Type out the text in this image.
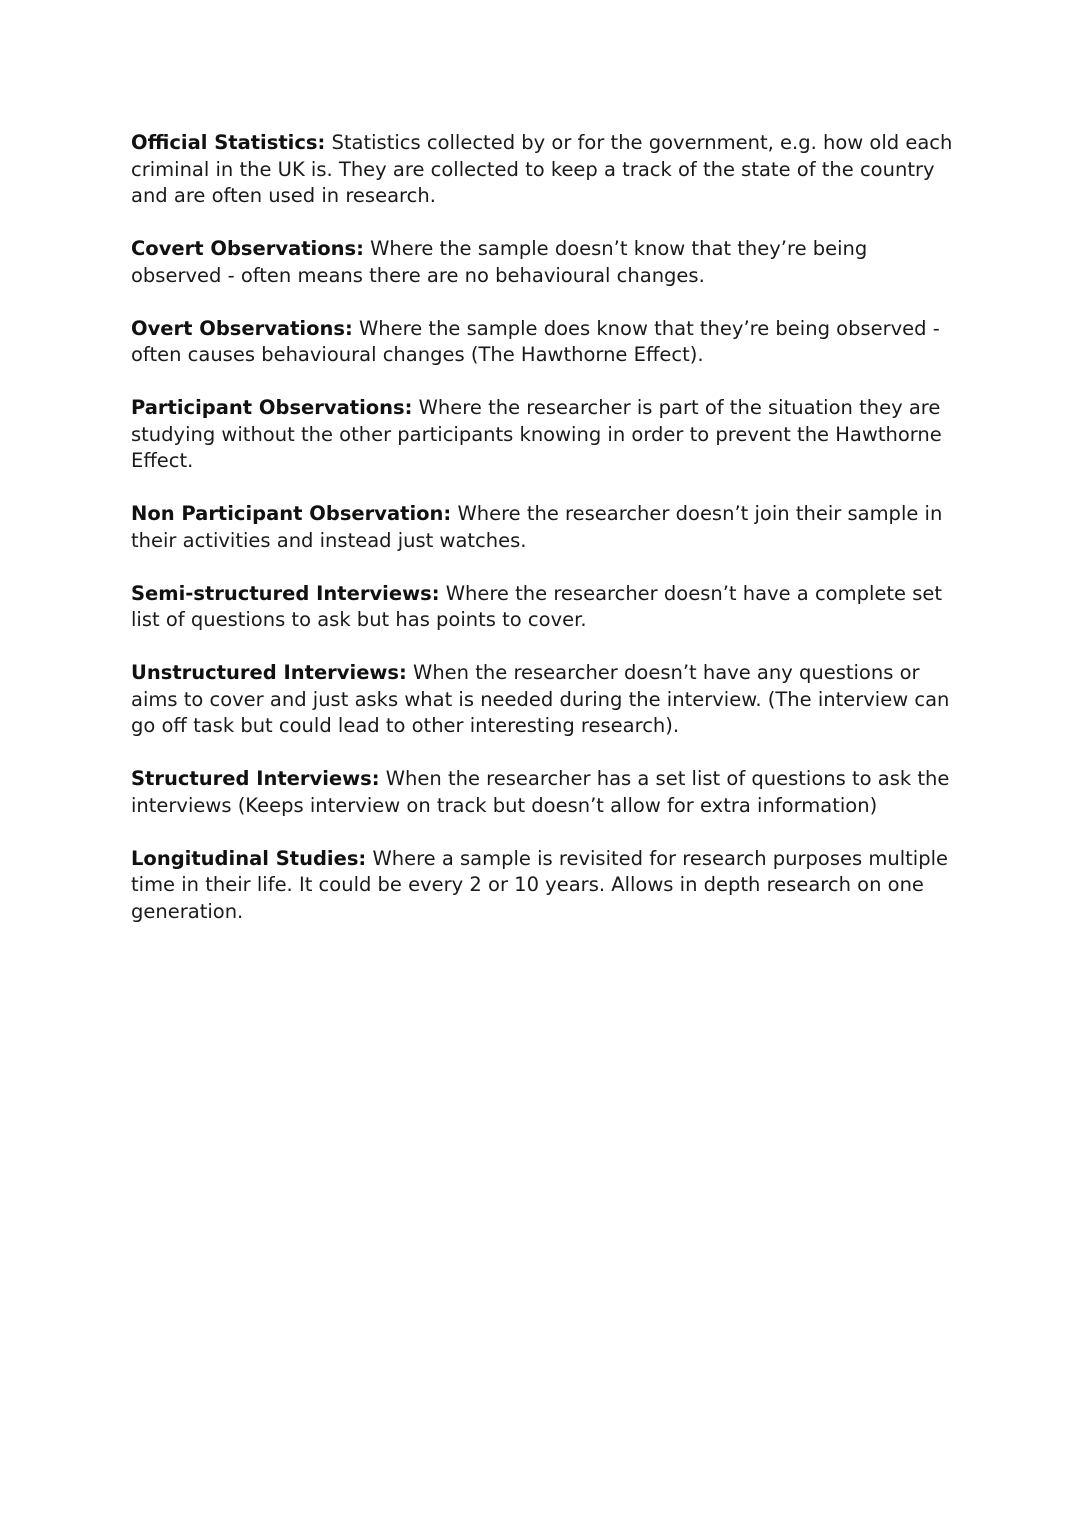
Official Statistics: Statistics collected by or for the government, e.g. how old each criminal in the UK is. They are collected to keep a track of the state of the country and are often used in research.

Covert Observations: Where the sample doesn’t know that they’re being observed - often means there are no behavioural changes.

Overt Observations: Where the sample does know that they’re being observed - often causes behavioural changes (The Hawthorne Effect).

Participant Observations: Where the researcher is part of the situation they are studying without the other participants knowing in order to prevent the Hawthorne Effect.

Non Participant Observation: Where the researcher doesn’t join their sample in their activities and instead just watches.

Semi-structured Interviews: Where the researcher doesn’t have a complete set list of questions to ask but has points to cover.

Unstructured Interviews: When the researcher doesn’t have any questions or aims to cover and just asks what is needed during the interview. (The interview can go off task but could lead to other interesting research).

Structured Interviews: When the researcher has a set list of questions to ask the interviews (Keeps interview on track but doesn’t allow for extra information)

Longitudinal Studies: Where a sample is revisited for research purposes multiple time in their life. It could be every 2 or 10 years. Allows in depth research on one generation.
